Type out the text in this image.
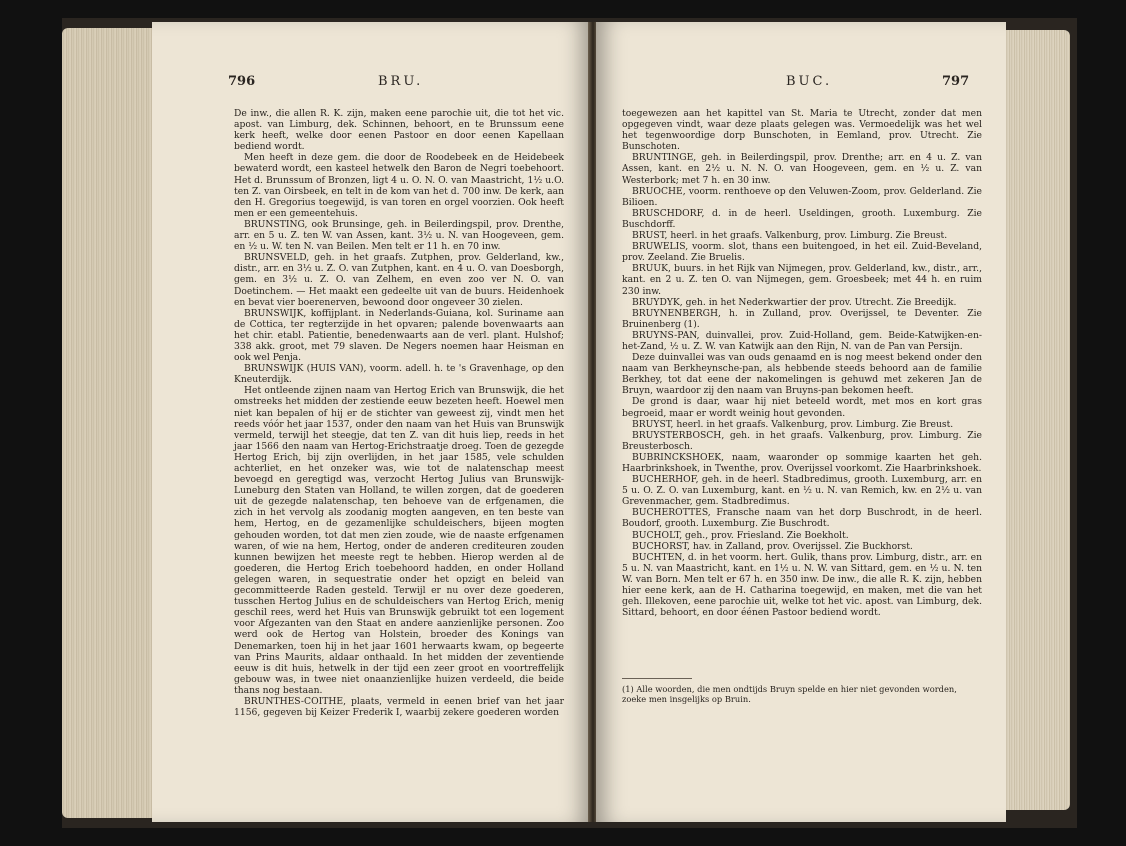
796	BRU.

De inw., die allen R. K. zijn, maken eene parochie uit, die tot het vic. apost. van Limburg, dek. Schinnen, behoort, en te Brunssum eene kerk heeft, welke door eenen Pastoor en door eenen Kapellaan bediend wordt.

Men heeft in deze gem. die door de Roodebeek en de Heidebeek bewaterd wordt, een kasteel hetwelk den Baron de Negri toebehoort. Het d. Brunssum of Bronzen, ligt 4 u. O. N. O. van Maastricht, 1½ u.O. ten Z. van Oirsbeek, en telt in de kom van het d. 700 inw. De kerk, aan den H. Gregorius toegewijd, is van toren en orgel voorzien. Ook heeft men er een gemeentehuis.

BRUNSTING, ook Brunsinge, geh. in Beilerdingspil, prov. Drenthe, arr. en 5 u. Z. ten W. van Assen, kant. 3½ u. N. van Hoogeveen, gem. en ½ u. W. ten N. van Beilen. Men telt er 11 h. en 70 inw.

BRUNSVELD, geh. in het graafs. Zutphen, prov. Gelderland, kw., distr., arr. en 3½ u. Z. O. van Zutphen, kant. en 4 u. O. van Doesborgh, gem. en 3½ u. Z. O. van Zelhem, en even zoo ver N. O. van Doetinchem. — Het maakt een gedeelte uit van de buurs. Heidenhoek en bevat vier boerenerven, bewoond door ongeveer 30 zielen.

BRUNSWIJK, koffijplant. in Nederlands-Guiana, kol. Suriname aan de Cottica, ter regterzijde in het opvaren; palende bovenwaarts aan het chir. etabl. Patientie, benedenwaarts aan de verl. plant. Hulshof; 338 akk. groot, met 79 slaven. De Negers noemen haar Heisman en ook wel Penja.

BRUNSWIJK (HUIS VAN), voorm. adell. h. te 's Gravenhage, op den Kneuterdijk.

Het ontleende zijnen naam van Hertog Erich van Brunswijk, die het omstreeks het midden der zestiende eeuw bezeten heeft. Hoewel men niet kan bepalen of hij er de stichter van geweest zij, vindt men het reeds vóór het jaar 1537, onder den naam van het Huis van Brunswijk vermeld, terwijl het steegje, dat ten Z. van dit huis liep, reeds in het jaar 1566 den naam van Hertog-Erichstraatje droeg. Toen de gezegde Hertog Erich, bij zijn overlijden, in het jaar 1585, vele schulden achterliet, en het onzeker was, wie tot de nalatenschap meest bevoegd en geregtigd was, verzocht Hertog Julius van Brunswijk-Luneburg den Staten van Holland, te willen zorgen, dat de goederen uit de gezegde nalatenschap, ten behoeve van de erfgenamen, die zich in het vervolg als zoodanig mogten aangeven, en ten beste van hem, Hertog, en de gezamenlijke schuldeischers, bijeen mogten gehouden worden, tot dat men zien zoude, wie de naaste erfgenamen waren, of wie na hem, Hertog, onder de anderen crediteuren zouden kunnen bewijzen het meeste regt te hebben. Hierop werden al de goederen, die Hertog Erich toebehoord hadden, en onder Holland gelegen waren, in sequestratie onder het opzigt en beleid van gecommitteerde Raden gesteld. Terwijl er nu over deze goederen, tusschen Hertog Julius en de schuldeischers van Hertog Erich, menig geschil rees, werd het Huis van Brunswijk gebruikt tot een logement voor Afgezanten van den Staat en andere aanzienlijke personen. Zoo werd ook de Hertog van Holstein, broeder des Konings van Denemarken, toen hij in het jaar 1601 herwaarts kwam, op begeerte van Prins Maurits, aldaar onthaald. In het midden der zeventiende eeuw is dit huis, hetwelk in der tijd een zeer groot en voortreffelijk gebouw was, in twee niet onaanzienlijke huizen verdeeld, die beide thans nog bestaan.

BRUNTHES-COITHE, plaats, vermeld in eenen brief van het jaar 1156, gegeven bij Keizer Frederik I, waarbij zekere goederen worden

BUC.	797

toegewezen aan het kapittel van St. Maria te Utrecht, zonder dat men opgegeven vindt, waar deze plaats gelegen was. Vermoedelijk was het wel het tegenwoordige dorp Bunschoten, in Eemland, prov. Utrecht. Zie Bunschoten.

BRUNTINGE, geh. in Beilerdingspil, prov. Drenthe; arr. en 4 u. Z. van Assen, kant. en 2½ u. N. N. O. van Hoogeveen, gem. en ½ u. Z. van Westerbork; met 7 h. en 30 inw.

BRUOCHE, voorm. renthoeve op den Veluwen-Zoom, prov. Gelderland. Zie Bilioen.

BRUSCHDORF, d. in de heerl. Useldingen, grooth. Luxemburg. Zie Buschdorff.

BRUST, heerl. in het graafs. Valkenburg, prov. Limburg. Zie Breust.

BRUWELIS, voorm. slot, thans een buitengoed, in het eil. Zuid-Beveland, prov. Zeeland. Zie Bruelis.

BRUUK, buurs. in het Rijk van Nijmegen, prov. Gelderland, kw., distr., arr., kant. en 2 u. Z. ten O. van Nijmegen, gem. Groesbeek; met 44 h. en ruim 230 inw.

BRUYDYK, geh. in het Nederkwartier der prov. Utrecht. Zie Breedijk.

BRUYNENBERGH, h. in Zulland, prov. Overijssel, te Deventer. Zie Bruinenberg (1).

BRUYNS-PAN, duinvallei, prov. Zuid-Holland, gem. Beide-Katwijken-en-het-Zand, ½ u. Z. W. van Katwijk aan den Rijn, N. van de Pan van Persijn.

Deze duinvallei was van ouds genaamd en is nog meest bekend onder den naam van Berkheynsche-pan, als hebbende steeds behoord aan de familie Berkhey, tot dat eene der nakomelingen is gehuwd met zekeren Jan de Bruyn, waardoor zij den naam van Bruyns-pan bekomen heeft.

De grond is daar, waar hij niet beteeld wordt, met mos en kort gras begroeid, maar er wordt weinig hout gevonden.

BRUYST, heerl. in het graafs. Valkenburg, prov. Limburg. Zie Breust.

BRUYSTERBOSCH, geh. in het graafs. Valkenburg, prov. Limburg. Zie Breusterbosch.

BUBRINCKSHOEK, naam, waaronder op sommige kaarten het geh. Haarbrinkshoek, in Twenthe, prov. Overijssel voorkomt. Zie Haarbrinkshoek.

BUCHERHOF, geh. in de heerl. Stadbredimus, grooth. Luxemburg, arr. en 5 u. O. Z. O. van Luxemburg, kant. en ½ u. N. van Remich, kw. en 2½ u. van Grevenmacher, gem. Stadbredimus.

BUCHEROTTES, Fransche naam van het dorp Buschrodt, in de heerl. Boudorf, grooth. Luxemburg. Zie Buschrodt.

BUCHOLT, geh., prov. Friesland. Zie Boekholt.

BUCHORST, hav. in Zalland, prov. Overijssel. Zie Buckhorst.

BUCHTEN, d. in het voorm. hert. Gulik, thans prov. Limburg, distr., arr. en 5 u. N. van Maastricht, kant. en 1½ u. N. W. van Sittard, gem. en ½ u. N. ten W. van Born. Men telt er 67 h. en 350 inw. De inw., die alle R. K. zijn, hebben hier eene kerk, aan de H. Catharina toegewijd, en maken, met die van het geh. Illekoven, eene parochie uit, welke tot het vic. apost. van Limburg, dek. Sittard, behoort, en door éénen Pastoor bediend wordt.

(1) Alle woorden, die men ondtijds Bruyn spelde en hier niet gevonden worden, zoeke men insgelijks op Bruin.
